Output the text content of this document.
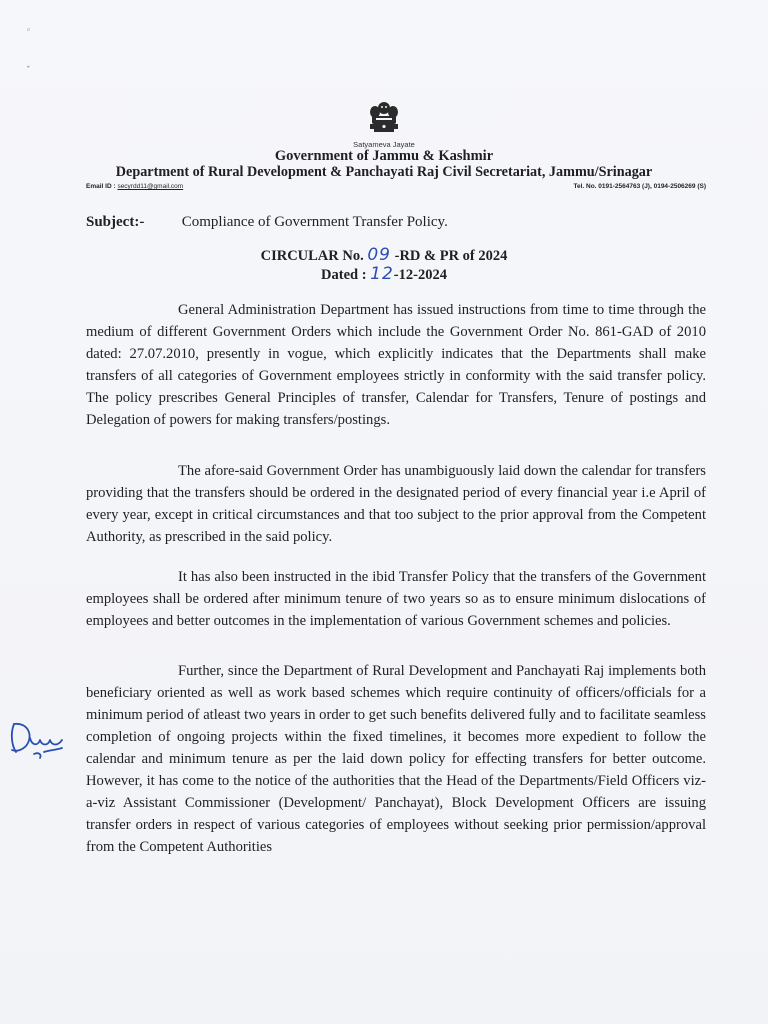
◦
ˇ
Satyameva Jayate
Government of Jammu & Kashmir
Department of Rural Development & Panchayati Raj Civil Secretariat, Jammu/Srinagar
Email ID : secyrdd11@gmail.com	Tel. No. 0191-2564763 (J), 0194-2506269 (S)
Subject:- Compliance of Government Transfer Policy.
CIRCULAR No. 09 -RD & PR of 2024
Dated : 12-12-2024
General Administration Department has issued instructions from time to time through the medium of different Government Orders which include the Government Order No. 861-GAD of 2010 dated: 27.07.2010, presently in vogue, which explicitly indicates that the Departments shall make transfers of all categories of Government employees strictly in conformity with the said transfer policy. The policy prescribes General Principles of transfer, Calendar for Transfers, Tenure of postings and Delegation of powers for making transfers/postings.
The afore-said Government Order has unambiguously laid down the calendar for transfers providing that the transfers should be ordered in the designated period of every financial year i.e April of every year, except in critical circumstances and that too subject to the prior approval from the Competent Authority, as prescribed in the said policy.
It has also been instructed in the ibid Transfer Policy that the transfers of the Government employees shall be ordered after minimum tenure of two years so as to ensure minimum dislocations of employees and better outcomes in the implementation of various Government schemes and policies.
Further, since the Department of Rural Development and Panchayati Raj implements both beneficiary oriented as well as work based schemes which require continuity of officers/officials for a minimum period of atleast two years in order to get such benefits delivered fully and to facilitate seamless completion of ongoing projects within the fixed timelines, it becomes more expedient to follow the calendar and minimum tenure as per the laid down policy for effecting transfers for better outcome. However, it has come to the notice of the authorities that the Head of the Departments/Field Officers viz-a-viz Assistant Commissioner (Development/ Panchayat), Block Development Officers are issuing transfer orders in respect of various categories of employees without seeking prior permission/approval from the Competent Authorities
